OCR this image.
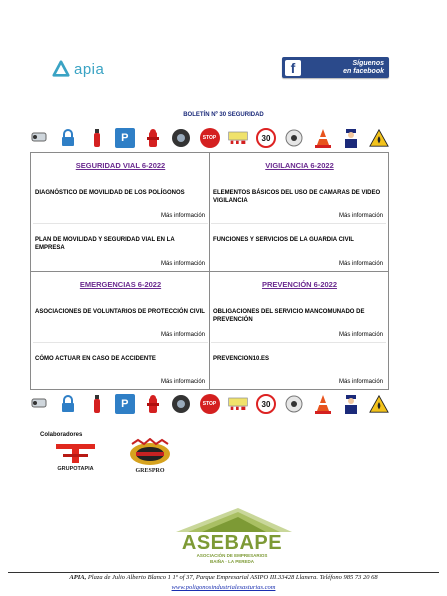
apia	f	Síguenos
en facebook
BOLETÍN Nº 30 SEGURIDAD
P	STOP	30
SEGURIDAD VIAL 6-2022
DIAGNÓSTICO DE MOVILIDAD DE LOS POLÍGONOS
Más información
PLAN DE MOVILIDAD Y SEGURIDAD VIAL EN LA EMPRESA
Más información
VIGILANCIA 6-2022
ELEMENTOS BÁSICOS DEL USO DE CAMARAS DE VIDEO VIGILANCIA
Más información
FUNCIONES Y SERVICIOS DE LA GUARDIA CIVIL
Más información
EMERGENCIAS 6-2022
ASOCIACIONES DE VOLUNTARIOS DE PROTECCIÓN CIVIL
Más información
CÓMO ACTUAR EN CASO DE ACCIDENTE
Más información
PREVENCIÓN 6-2022
OBLIGACIONES DEL SERVICIO MANCOMUNADO DE PREVENCIÓN
Más información
PREVENCION10.ES
Más información
P	STOP	30
Colaboradores
GRUPOTAPIA	GRESPRO
ASEBAPE
ASOCIACIÓN DE EMPRESARIOS
BAIÑA · LA PEREDA
APIA, Plaza de Julio Alberto Blanco 1 1º of 37, Parque Empresarial ASIPO III.33428 Llanera. Teléfono 985 73 20 68
www.poligonosindustrialesasturias.com
